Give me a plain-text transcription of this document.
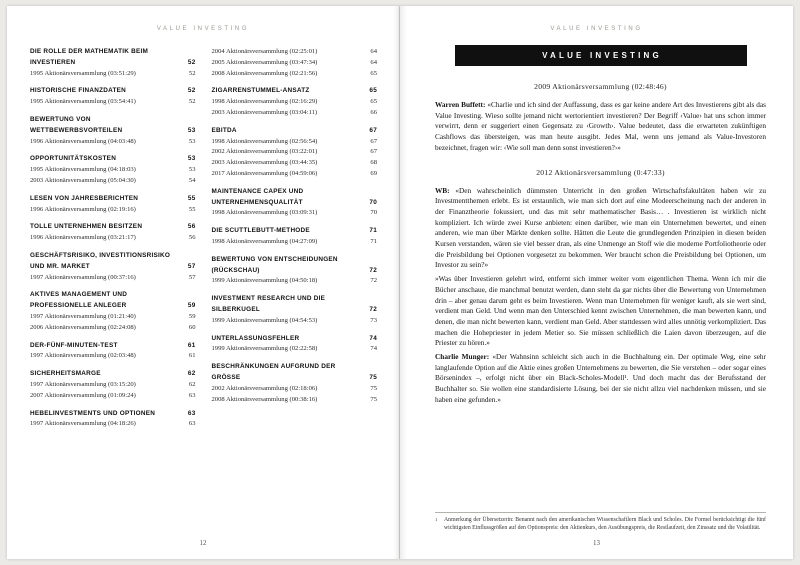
VALUE INVESTING
DIE ROLLE DER MATHEMATIK BEIM INVESTIEREN	52
1995 Aktionärsversammlung (03:51:29)	52
HISTORISCHE FINANZDATEN	52
1995 Aktionärsversammlung (03:54:41)	52
BEWERTUNG VON WETTBEWERBSVORTEILEN	53
1996 Aktionärsversammlung (04:03:48)	53
OPPORTUNITÄTSKOSTEN	53
1995 Aktionärsversammlung (04:18:03)	53
2003 Aktionärsversammlung (05:04:30)	54
LESEN VON JAHRESBERICHTEN	55
1996 Aktionärsversammlung (02:19:16)	55
TOLLE UNTERNEHMEN BESITZEN	56
1996 Aktionärsversammlung (03:21:17)	56
GESCHÄFTSRISIKO, INVESTITIONSRISIKO UND MR. MARKET	57
1997 Aktionärsversammlung (00:37:16)	57
AKTIVES MANAGEMENT UND PROFESSIONELLE ANLEGER	59
1997 Aktionärsversammlung (01:21:40)	59
2006 Aktionärsversammlung (02:24:08)	60
DER-FÜNF-MINUTEN-TEST	61
1997 Aktionärsversammlung (02:03:48)	61
SICHERHEITSMARGE	62
1997 Aktionärsversammlung (03:15:20)	62
2007 Aktionärsversammlung (01:09:24)	63
HEBELINVESTMENTS UND OPTIONEN	63
1997 Aktionärsversammlung (04:18:26)	63
2004 Aktionärsversammlung (02:25:01)	64
2005 Aktionärsversammlung (03:47:34)	64
2008 Aktionärsversammlung (02:21:56)	65
ZIGARRENSTUMMEL-ANSATZ	65
1998 Aktionärsversammlung (02:16:29)	65
2003 Aktionärsversammlung (03:04:11)	66
EBITDA	67
1998 Aktionärsversammlung (02:56:54)	67
2002 Aktionärsversammlung (03:22:01)	67
2003 Aktionärsversammlung (03:44:35)	68
2017 Aktionärsversammlung (04:59:06)	69
MAINTENANCE CAPEX UND UNTERNEHMENSQUALITÄT	70
1998 Aktionärsversammlung (03:09:31)	70
DIE SCUTTLEBUTT-METHODE	71
1998 Aktionärsversammlung (04:27:09)	71
BEWERTUNG VON ENTSCHEIDUNGEN (RÜCKSCHAU)	72
1999 Aktionärsversammlung (04:50:18)	72
INVESTMENT RESEARCH UND DIE SILBERKUGEL	72
1999 Aktionärsversammlung (04:54:53)	73
UNTERLASSUNGSFEHLER	74
1999 Aktionärsversammlung (02:22:58)	74
BESCHRÄNKUNGEN AUFGRUND DER GRÖSSE	75
2002 Aktionärsversammlung (02:18:06)	75
2008 Aktionärsversammlung (00:38:16)	75
12
VALUE INVESTING
VALUE INVESTING
2009 Aktionärsversammlung (02:48:46)

Warren Buffett: «Charlie und ich sind der Auffassung, dass es gar keine andere Art des Investierens gibt als das Value Investing. Wieso sollte jemand nicht wertorientiert investieren? Der Begriff ‹Value› hat uns schon immer verwirrt, denn er suggeriert einen Gegensatz zu ‹Growth›. Value bedeutet, dass die erwarteten zukünftigen Cashflows das übersteigen, was man heute ausgibt. Jedes Mal, wenn uns jemand als Value-Investoren bezeichnet, fragen wir: ‹Wie soll man denn sonst investieren?›»

2012 Aktionärsversammlung (0:47:33)

WB: «Den wahrscheinlich dümmsten Unterricht in den großen Wirtschaftsfakultäten haben wir zu Investmentthemen erlebt. Es ist erstaunlich, wie man sich dort auf eine Modeerscheinung nach der anderen in der Finanztheorie fokussiert, und das mit sehr mathematischer Basis… . Investieren ist wirklich nicht kompliziert. Ich würde zwei Kurse anbieten: einen darüber, wie man ein Unternehmen bewertet, und einen anderen, wie man über Märkte denken sollte. Hätten die Leute die grundlegenden Prinzipien in diesen beiden Kursen verstanden, wären sie viel besser dran, als eine Unmenge an Stoff wie die moderne Portfoliotheorie oder die Preisbildung bei Optionen vorgesetzt zu bekommen. Wer braucht schon die Preisbildung bei Optionen, um Investor zu sein?»

»Was über Investieren gelehrt wird, entfernt sich immer weiter vom eigentlichen Thema. Wenn ich mir die Bücher anschaue, die manchmal benutzt werden, dann steht da gar nichts über die Bewertung von Unternehmen drin – aber genau darum geht es beim Investieren. Wenn man Unternehmen für weniger kauft, als sie wert sind, verdient man Geld. Und wenn man den Unterschied kennt zwischen Unternehmen, die man bewerten kann, und denen, die man nicht bewerten kann, verdient man Geld. Aber stattdessen wird alles unnötig verkompliziert. Das machen die Hohepriester in jedem Metier so. Sie müssen schließlich die Laien davon überzeugen, auf die Priester zu hören.»

Charlie Munger: «Der Wahnsinn schleicht sich auch in die Buchhaltung ein. Der optimale Weg, eine sehr langlaufende Option auf die Aktie eines großen Unternehmens zu bewerten, die Sie verstehen – oder sogar eines Börsenindex –, erfolgt nicht über ein Black-Scholes-Modell¹. Und doch macht das der Berufsstand der Buchhalter so. Sie wollen eine standardisierte Lösung, bei der sie nicht allzu viel nachdenken müssen, und sie haben eine gefunden.»

1	Anmerkung der Übersetzerin: Benannt nach den amerikanischen Wissenschaftlern Black und Scholes. Die Formel berücksichtigt die fünf wichtigsten Einflussgrößen auf den Optionspreis: den Aktienkurs, den Ausübungspreis, die Restlaufzeit, den Zinssatz und die Volatilität.
13
